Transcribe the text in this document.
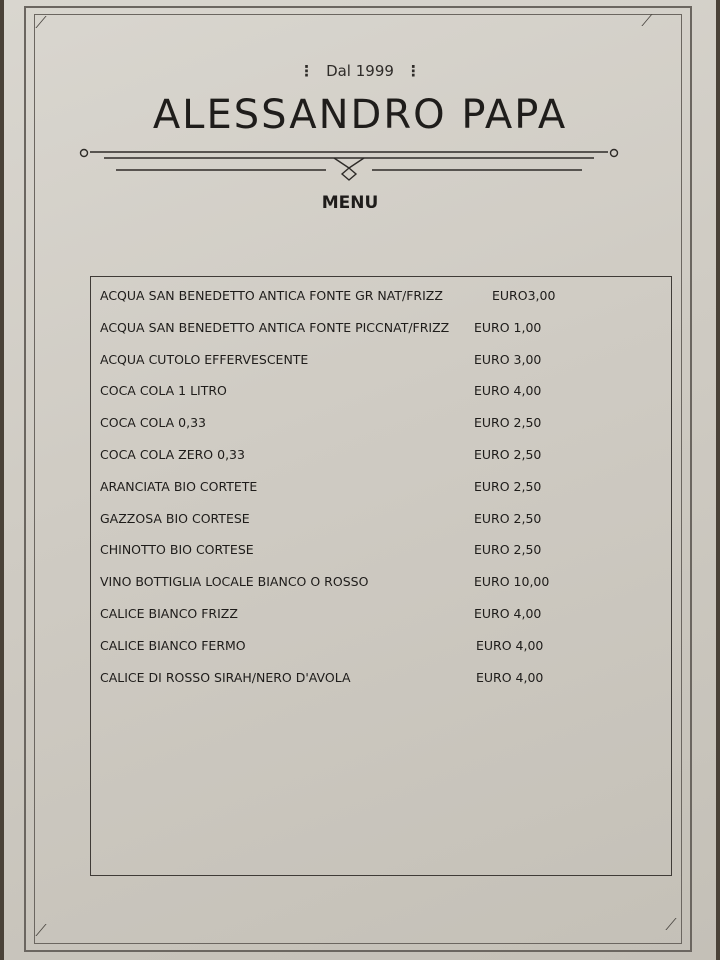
⟋	⟋
⟋	⟋
⋮ Dal 1999 ⋮
ALESSANDRO PAPA
MENU
ACQUA SAN BENEDETTO ANTICA FONTE GR NAT/FRIZZ	EURO3,00
ACQUA SAN BENEDETTO ANTICA FONTE PICCNAT/FRIZZ EURO 1,00
ACQUA CUTOLO EFFERVESCENTE	EURO 3,00
COCA COLA 1 LITRO	EURO 4,00
COCA COLA 0,33	EURO 2,50
COCA COLA ZERO 0,33	EURO 2,50
ARANCIATA BIO CORTETE	EURO 2,50
GAZZOSA BIO CORTESE	EURO 2,50
CHINOTTO BIO CORTESE	EURO 2,50
VINO BOTTIGLIA LOCALE BIANCO O ROSSO	EURO 10,00
CALICE BIANCO FRIZZ	EURO 4,00
CALICE BIANCO FERMO	EURO 4,00
CALICE DI ROSSO SIRAH/NERO D'AVOLA	EURO 4,00
